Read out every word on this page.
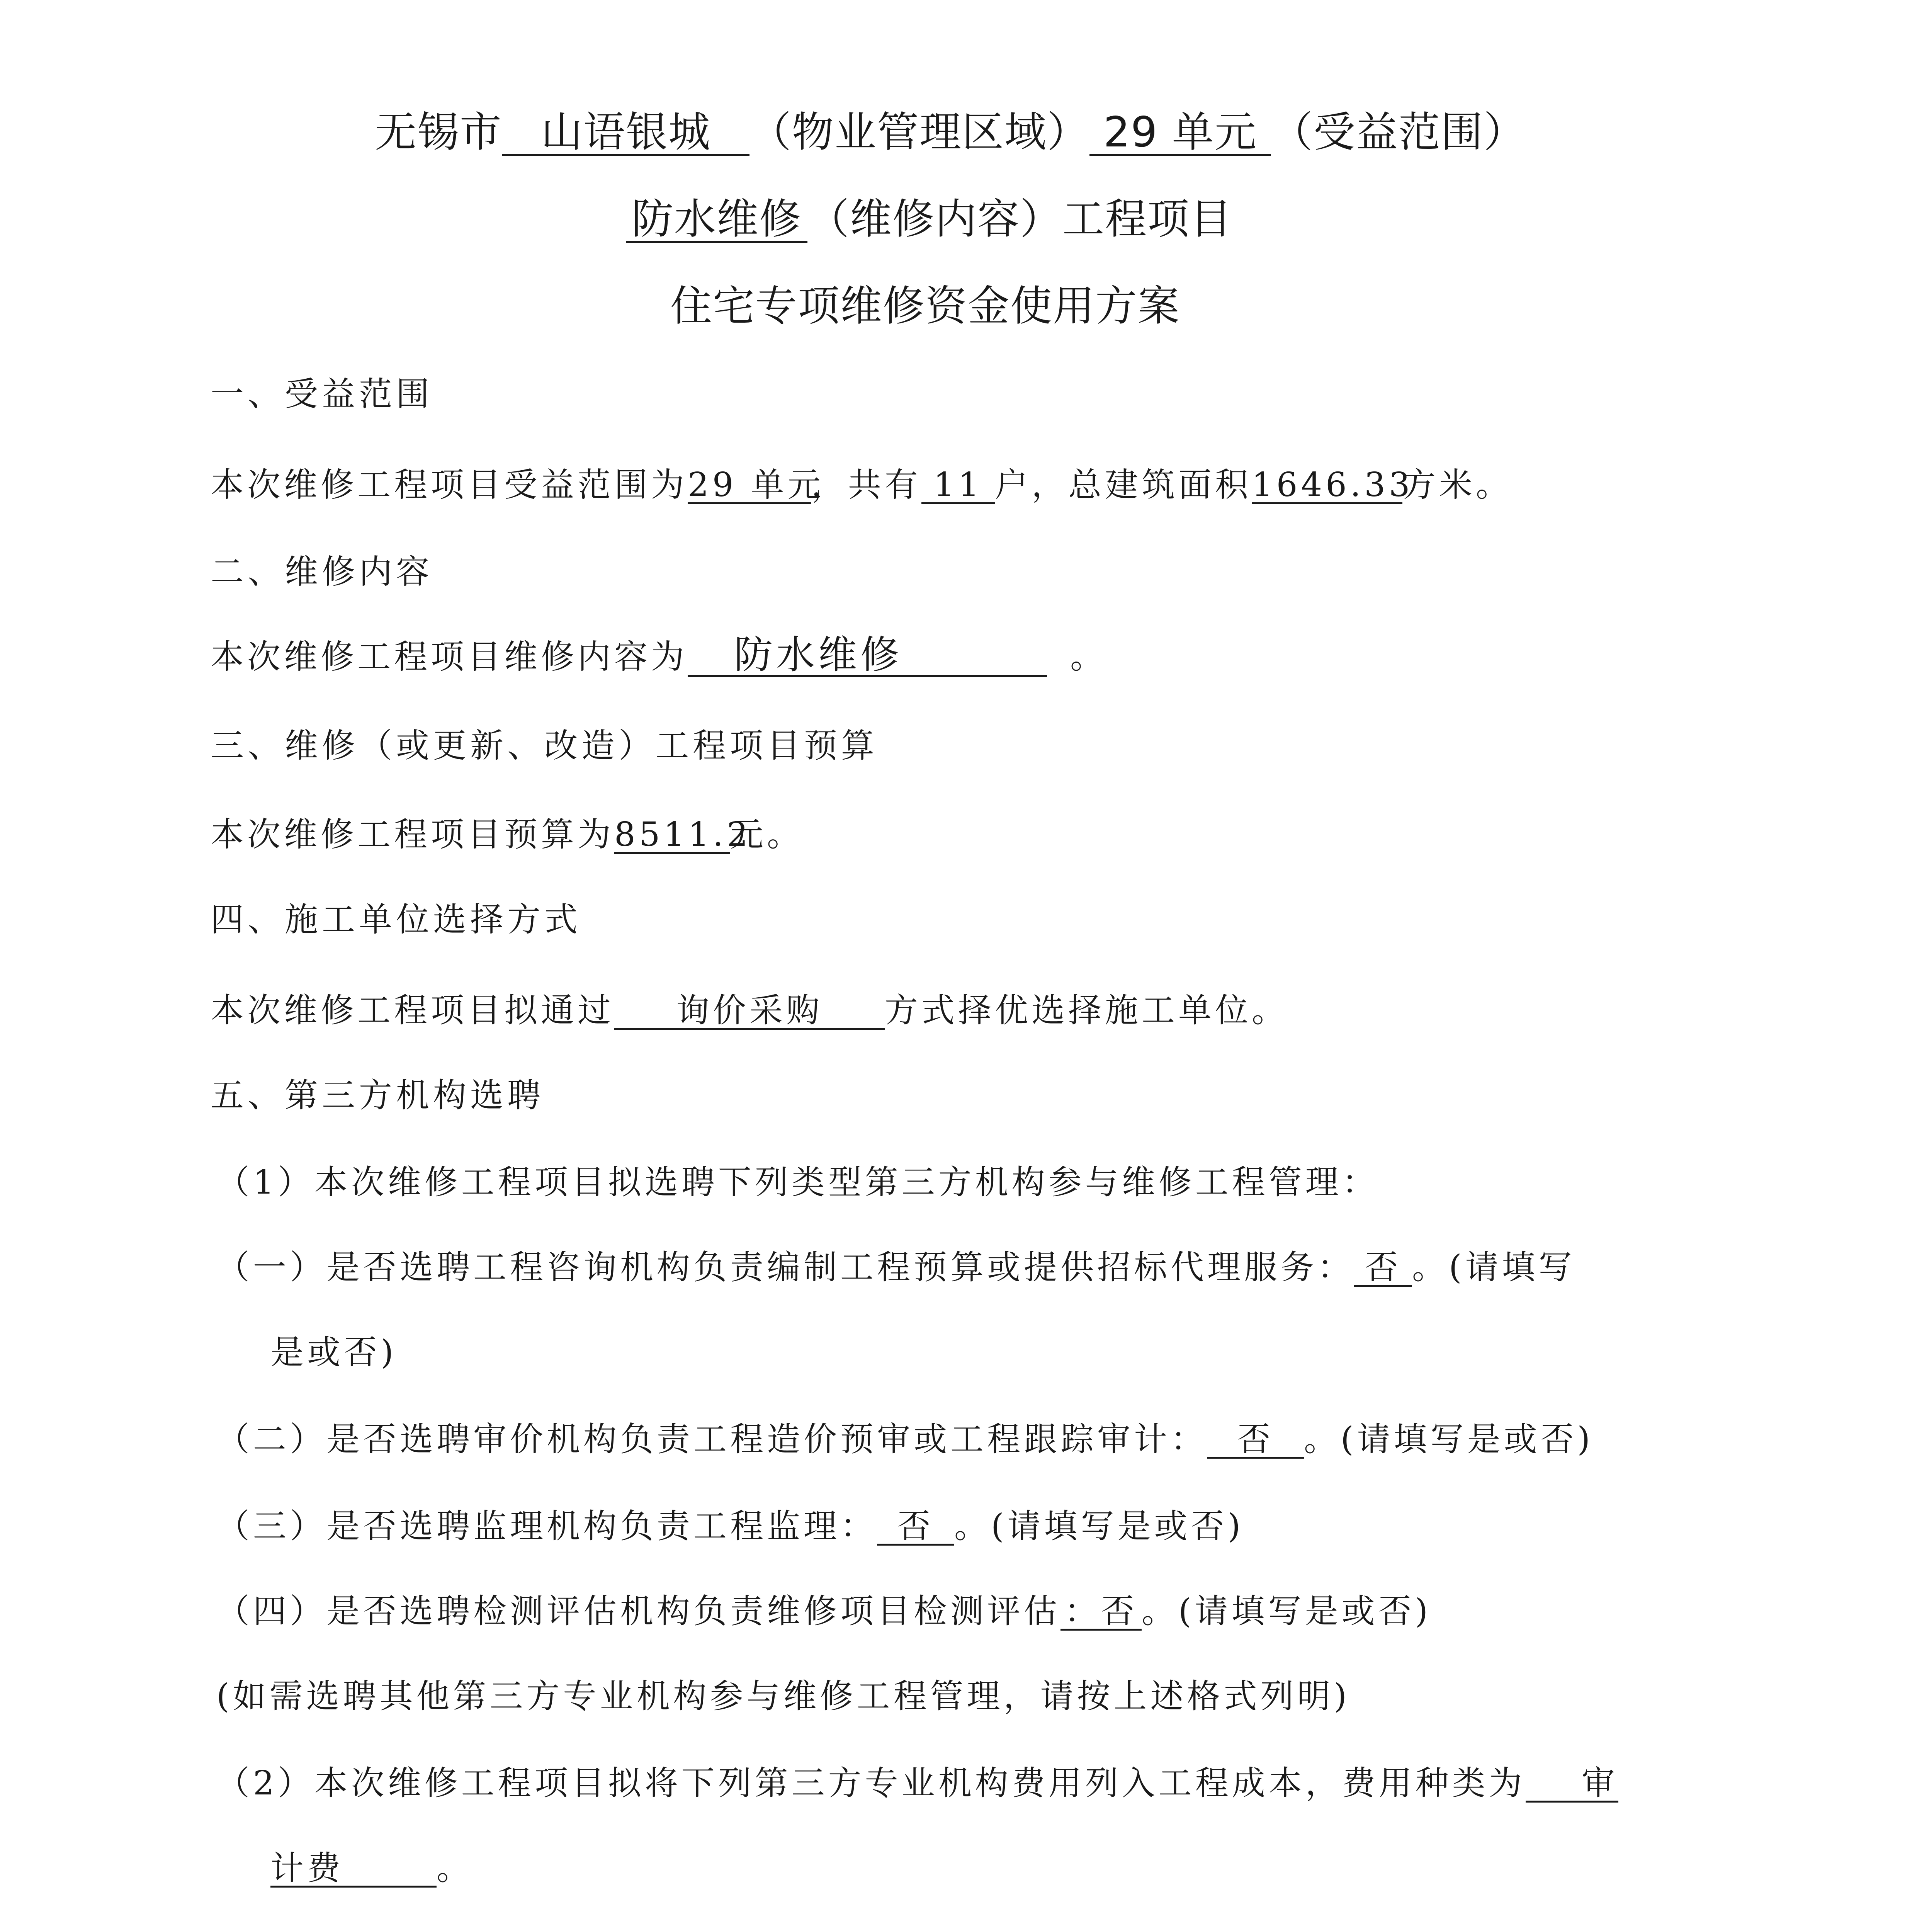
无锡市 山语银城 （物业管理区域） 29 单元 （受益范围）
防水维修 （维修内容）工程项目
住宅专项维修资金使用方案
一、受益范围
本次维修工程项目受益范围为29 单元，共有 11 户，总建筑面积1646.33方米。
二、维修内容
本次维修工程项目维修内容为 防水维修	。
三、维修（或更新、改造）工程项目预算
本次维修工程项目预算为8511.2元。
四、施工单位选择方式
本次维修工程项目拟通过 询价采购 方式择优选择施工单位。
五、第三方机构选聘
（1）本次维修工程项目拟选聘下列类型第三方机构参与维修工程管理：
（一）是否选聘工程咨询机构负责编制工程预算或提供招标代理服务： 否 。(请填写
是或否)
（二）是否选聘审价机构负责工程造价预审或工程跟踪审计： 否 。(请填写是或否)
（三）是否选聘监理机构负责工程监理： 否 。(请填写是或否)
（四）是否选聘检测评估机构负责维修项目检测评估 ：否 。(请填写是或否)
(如需选聘其他第三方专业机构参与维修工程管理，请按上述格式列明)
（2）本次维修工程项目拟将下列第三方专业机构费用列入工程成本，费用种类为 审
计费	。
